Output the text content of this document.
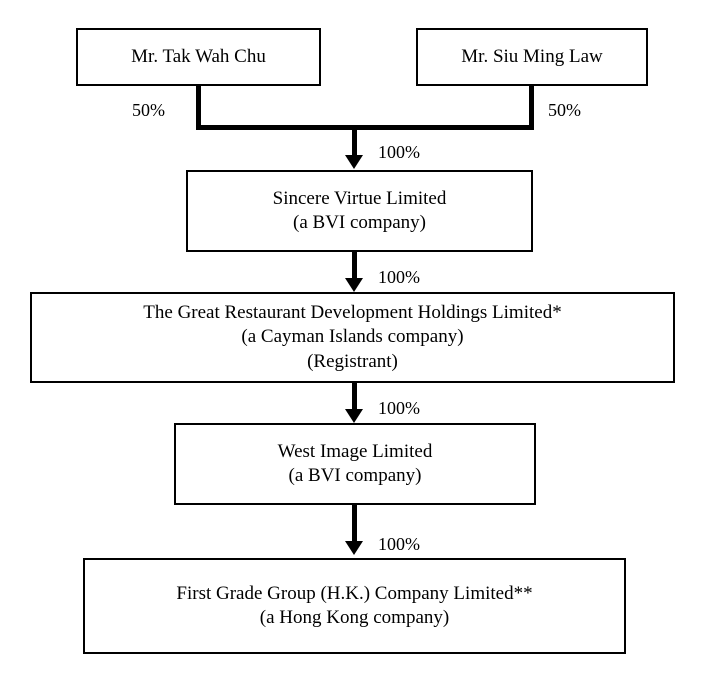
Mr. Tak Wah Chu	Mr. Siu Ming Law
50%	50%
100%
Sincere Virtue Limited
(a BVI company)
100%
The Great Restaurant Development Holdings Limited*
(a Cayman Islands company)
(Registrant)
100%
West Image Limited
(a BVI company)
100%
First Grade Group (H.K.) Company Limited**
(a Hong Kong company)
